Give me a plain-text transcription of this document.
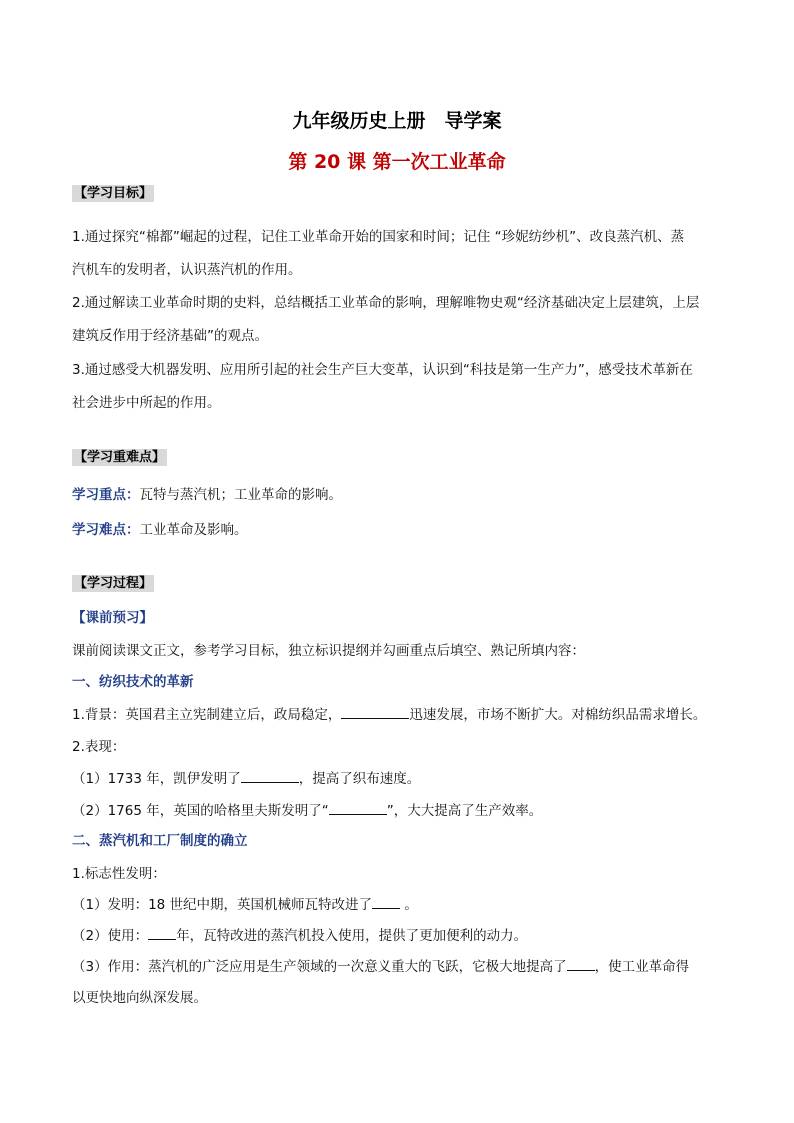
九年级历史上册　导学案
第 20 课 第一次工业革命
【学习目标】
1.通过探究“棉都”崛起的过程，记住工业革命开始的国家和时间；记住 “珍妮纺纱机”、改良蒸汽机、蒸
汽机车的发明者，认识蒸汽机的作用。
2.通过解读工业革命时期的史料，总结概括工业革命的影响，理解唯物史观“经济基础决定上层建筑，上层
建筑反作用于经济基础”的观点。
3.通过感受大机器发明、应用所引起的社会生产巨大变革，认识到“科技是第一生产力”，感受技术革新在
社会进步中所起的作用。
【学习重难点】
学习重点：瓦特与蒸汽机；工业革命的影响。
学习难点：工业革命及影响。
【学习过程】
【课前预习】
课前阅读课文正文，参考学习目标，独立标识提纲并勾画重点后填空、熟记所填内容：
一、纺织技术的革新
1.背景：英国君主立宪制建立后，政局稳定，	迅速发展，市场不断扩大。对棉纺织品需求增长。
2.表现：
（1）1733 年，凯伊发明了	，提高了织布速度。
（2）1765 年，英国的哈格里夫斯发明了“	”，大大提高了生产效率。
二、蒸汽机和工厂制度的确立
1.标志性发明：
（1）发明：18 世纪中期，英国机械师瓦特改进了 。
（2）使用： 年，瓦特改进的蒸汽机投入使用，提供了更加便利的动力。
（3）作用：蒸汽机的广泛应用是生产领域的一次意义重大的飞跃，它极大地提高了 ，使工业革命得
以更快地向纵深发展。
